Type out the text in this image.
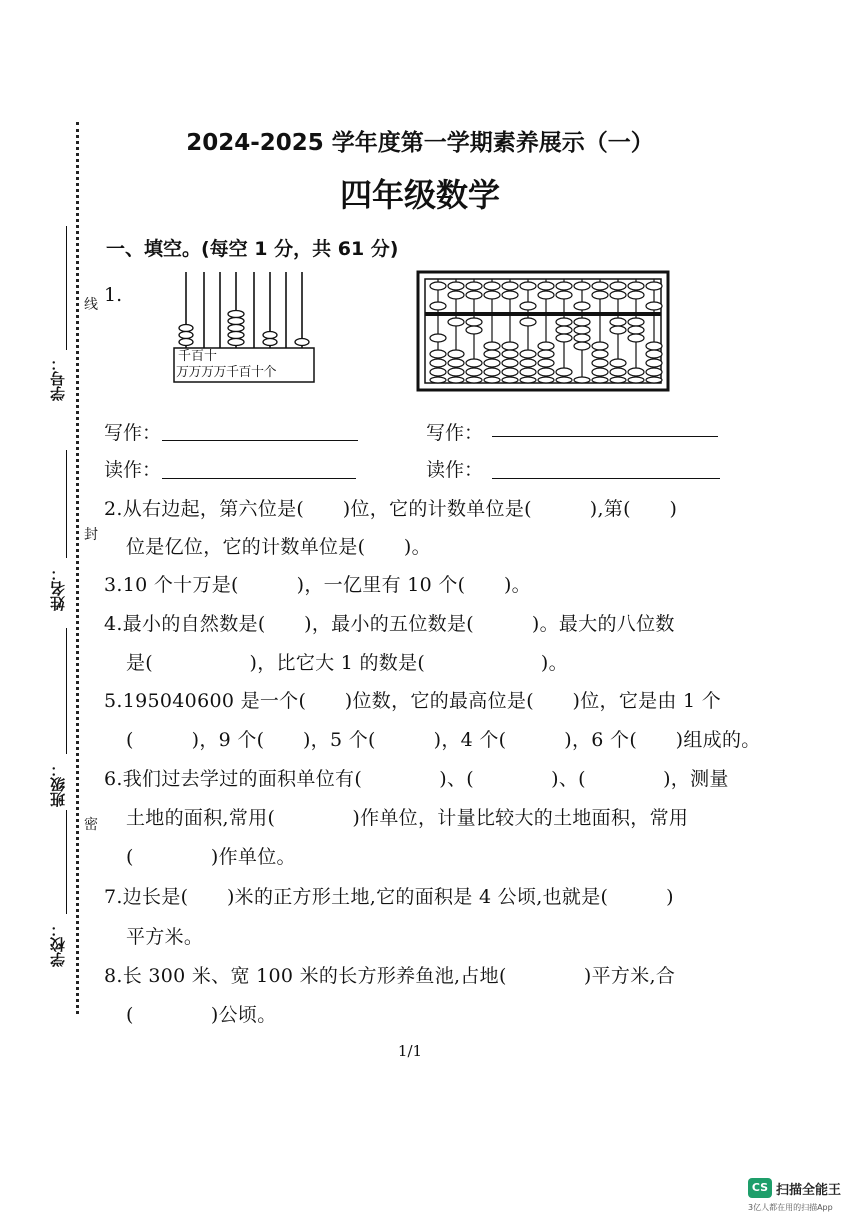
学号：
姓名：
班级：
学校：
线
封
密
2024-2025 学年度第一学期素养展示（一）
四年级数学
一、填空。(每空 1 分，共 61 分)
1.
千百十
万万万万千百十个
写作：	写作：
读作：	读作：
2.从右边起，第六位是(　　)位，它的计数单位是(　　　),第(　　)
位是亿位，它的计数单位是(　　)。
3.10 个十万是(　　　)，一亿里有 10 个(　　)。
4.最小的自然数是(　　)，最小的五位数是(　　　)。最大的八位数
是(　　　　　)，比它大 1 的数是(　　　　　　)。
5.195040600 是一个(　　)位数，它的最高位是(　　)位，它是由 1 个
(　　　)，9 个(　　)，5 个(　　　)，4 个(　　　)，6 个(　　)组成的。
6.我们过去学过的面积单位有(　　　　)、(　　　　)、(　　　　)，测量
土地的面积,常用(　　　　)作单位，计量比较大的土地面积，常用
(　　　　)作单位。
7.边长是(　　)米的正方形土地,它的面积是 4 公顷,也就是(　　　)
平方米。
8.长 300 米、宽 100 米的长方形养鱼池,占地(　　　　)平方米,合
(　　　　)公顷。
1/1
CS 扫描全能王
3亿人都在用的扫描App
